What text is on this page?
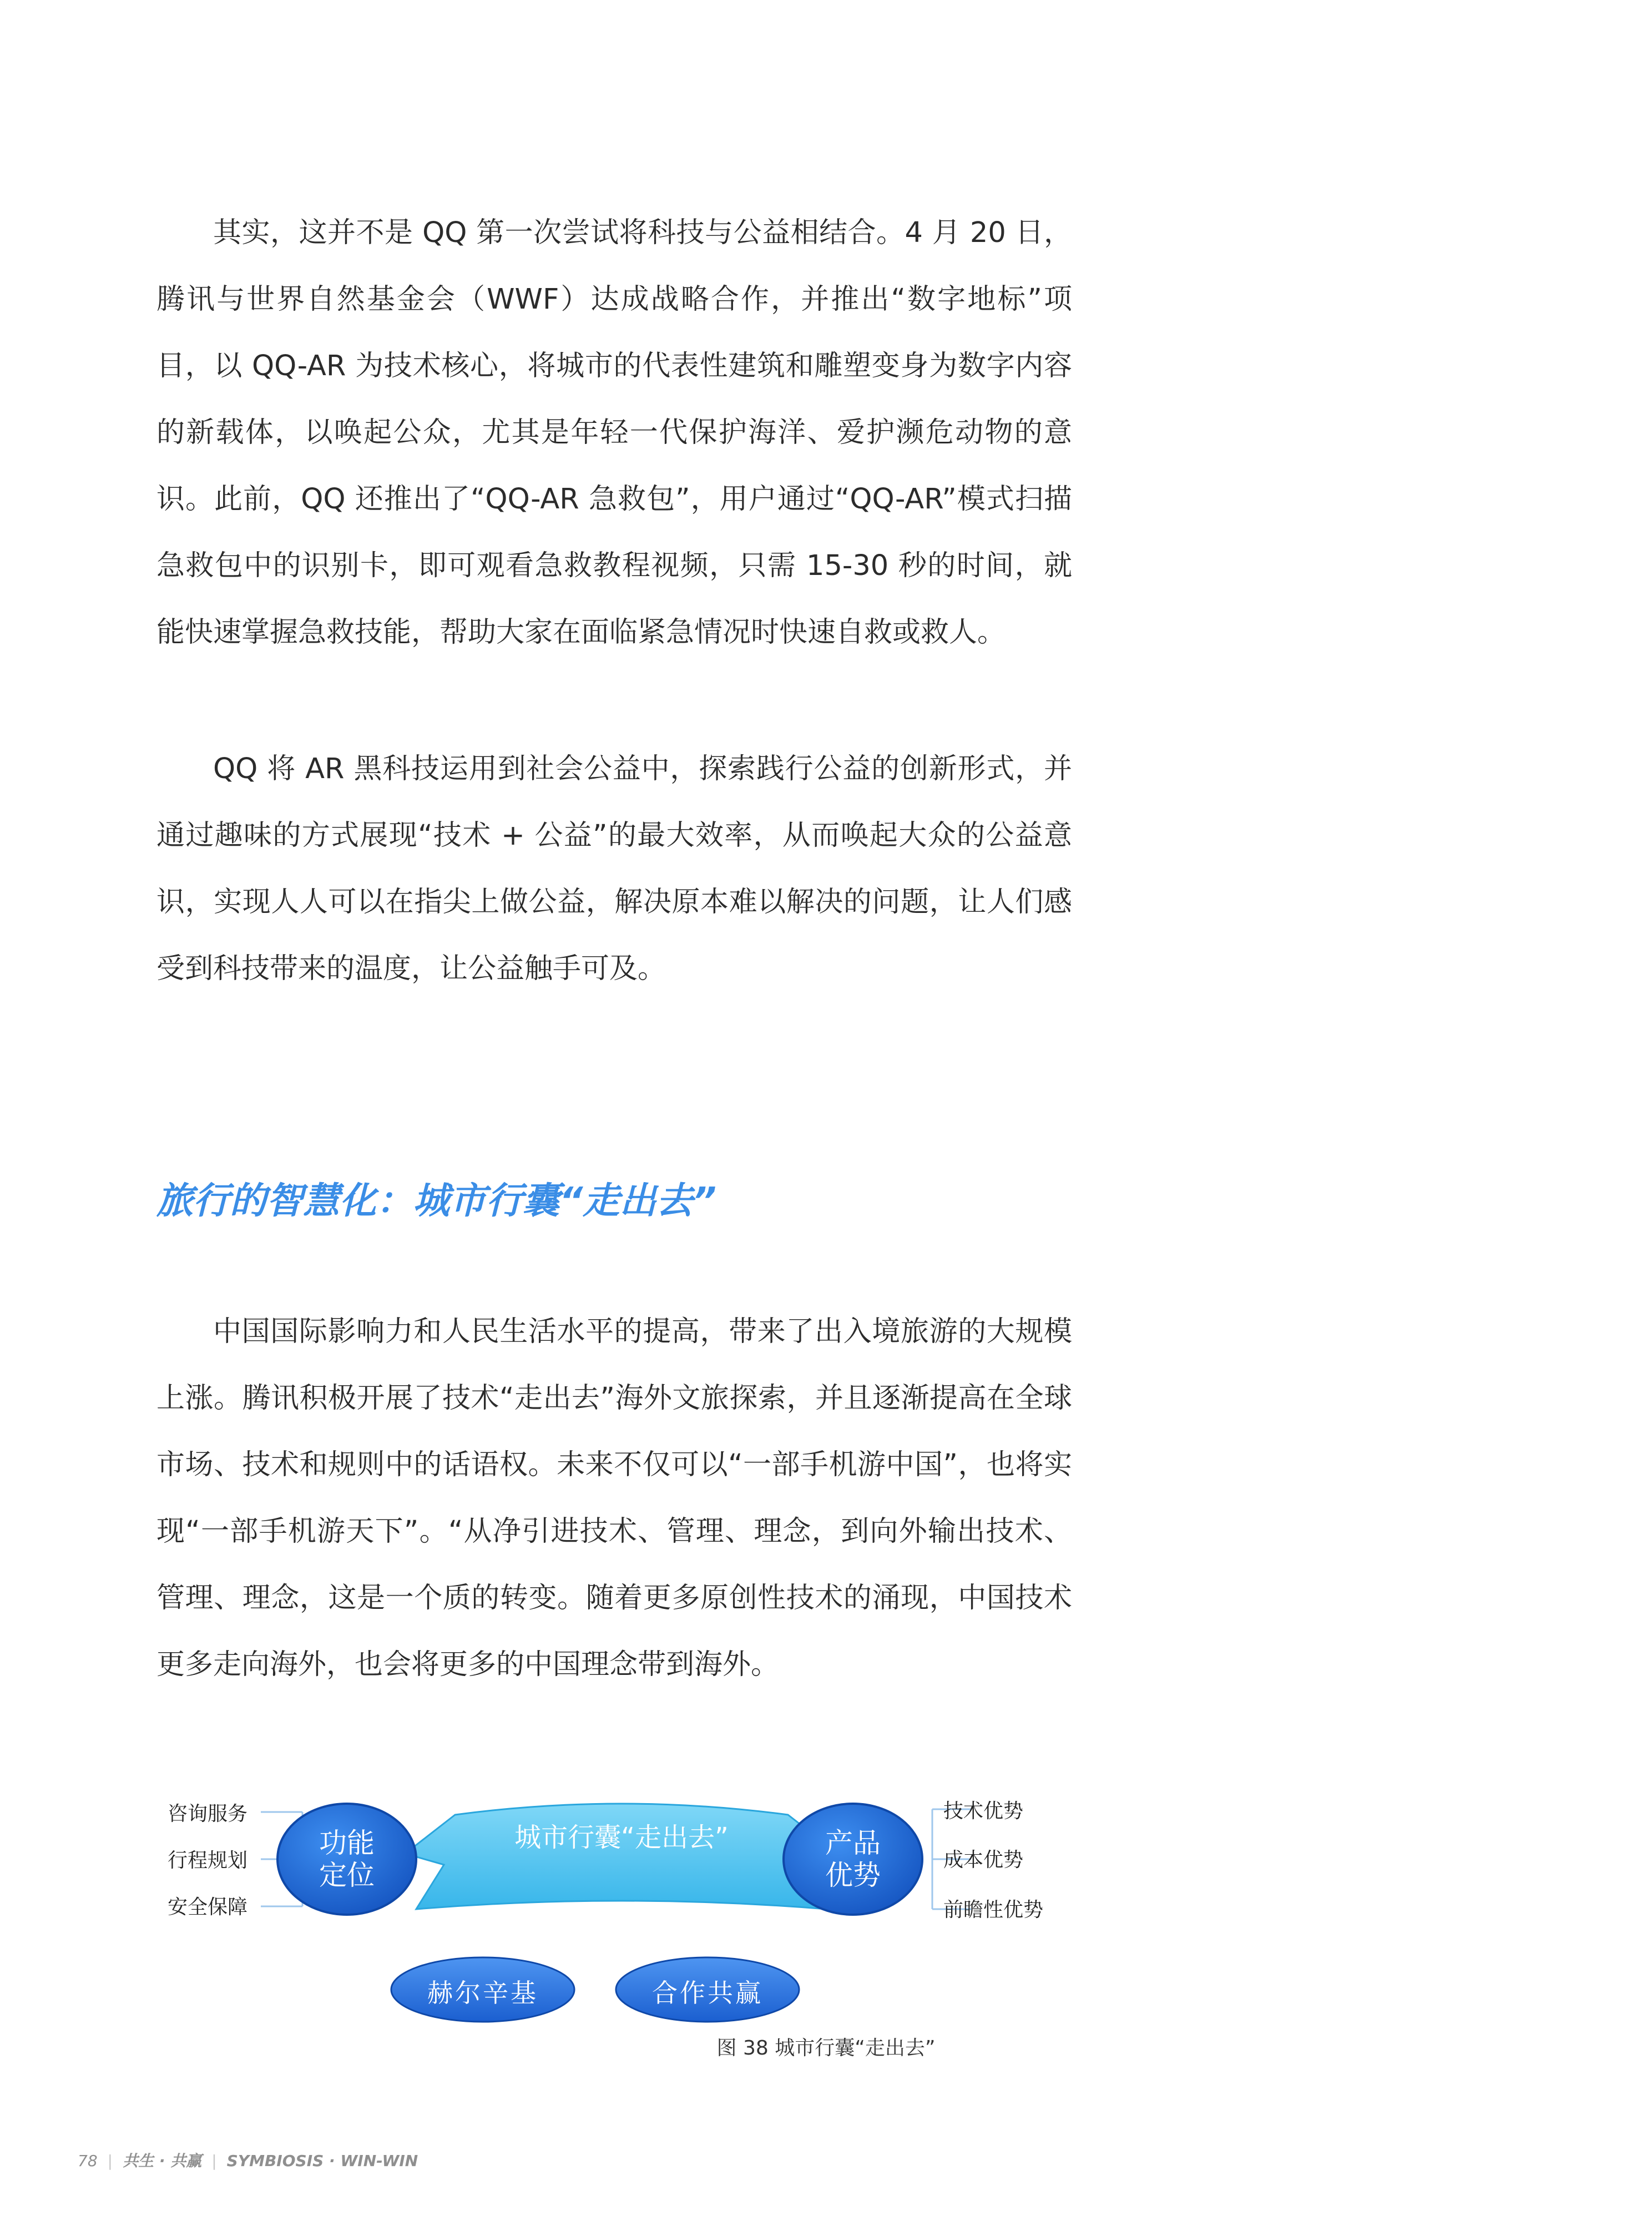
其实，这并不是 QQ 第一次尝试将科技与公益相结合。4 月 20 日，腾讯与世界自然基金会（WWF）达成战略合作，并推出“数字地标”项目，以 QQ-AR 为技术核心，将城市的代表性建筑和雕塑变身为数字内容的新载体，以唤起公众，尤其是年轻一代保护海洋、爱护濒危动物的意识。此前，QQ 还推出了“QQ-AR 急救包”，用户通过“QQ-AR”模式扫描急救包中的识别卡，即可观看急救教程视频，只需 15-30 秒的时间，就能快速掌握急救技能，帮助大家在面临紧急情况时快速自救或救人。

QQ 将 AR 黑科技运用到社会公益中，探索践行公益的创新形式，并通过趣味的方式展现“技术 + 公益”的最大效率，从而唤起大众的公益意识，实现人人可以在指尖上做公益，解决原本难以解决的问题，让人们感受到科技带来的温度，让公益触手可及。

旅行的智慧化：城市行囊“走出去”

中国国际影响力和人民生活水平的提高，带来了出入境旅游的大规模上涨。腾讯积极开展了技术“走出去”海外文旅探索，并且逐渐提高在全球市场、技术和规则中的话语权。未来不仅可以“一部手机游中国”，也将实现“一部手机游天下”。“从净引进技术、管理、理念，到向外输出技术、管理、理念，这是一个质的转变。随着更多原创性技术的涌现，中国技术更多走向海外，也会将更多的中国理念带到海外。

咨询服务
行程规划
安全保障
功能
定位
城市行囊“走出去”	产品
优势
技术优势
成本优势
前瞻性优势
赫尔辛基	合作共赢
图 38 城市行囊“走出去”
78 | 共生 · 共赢 | SYMBIOSIS · WIN-WIN
